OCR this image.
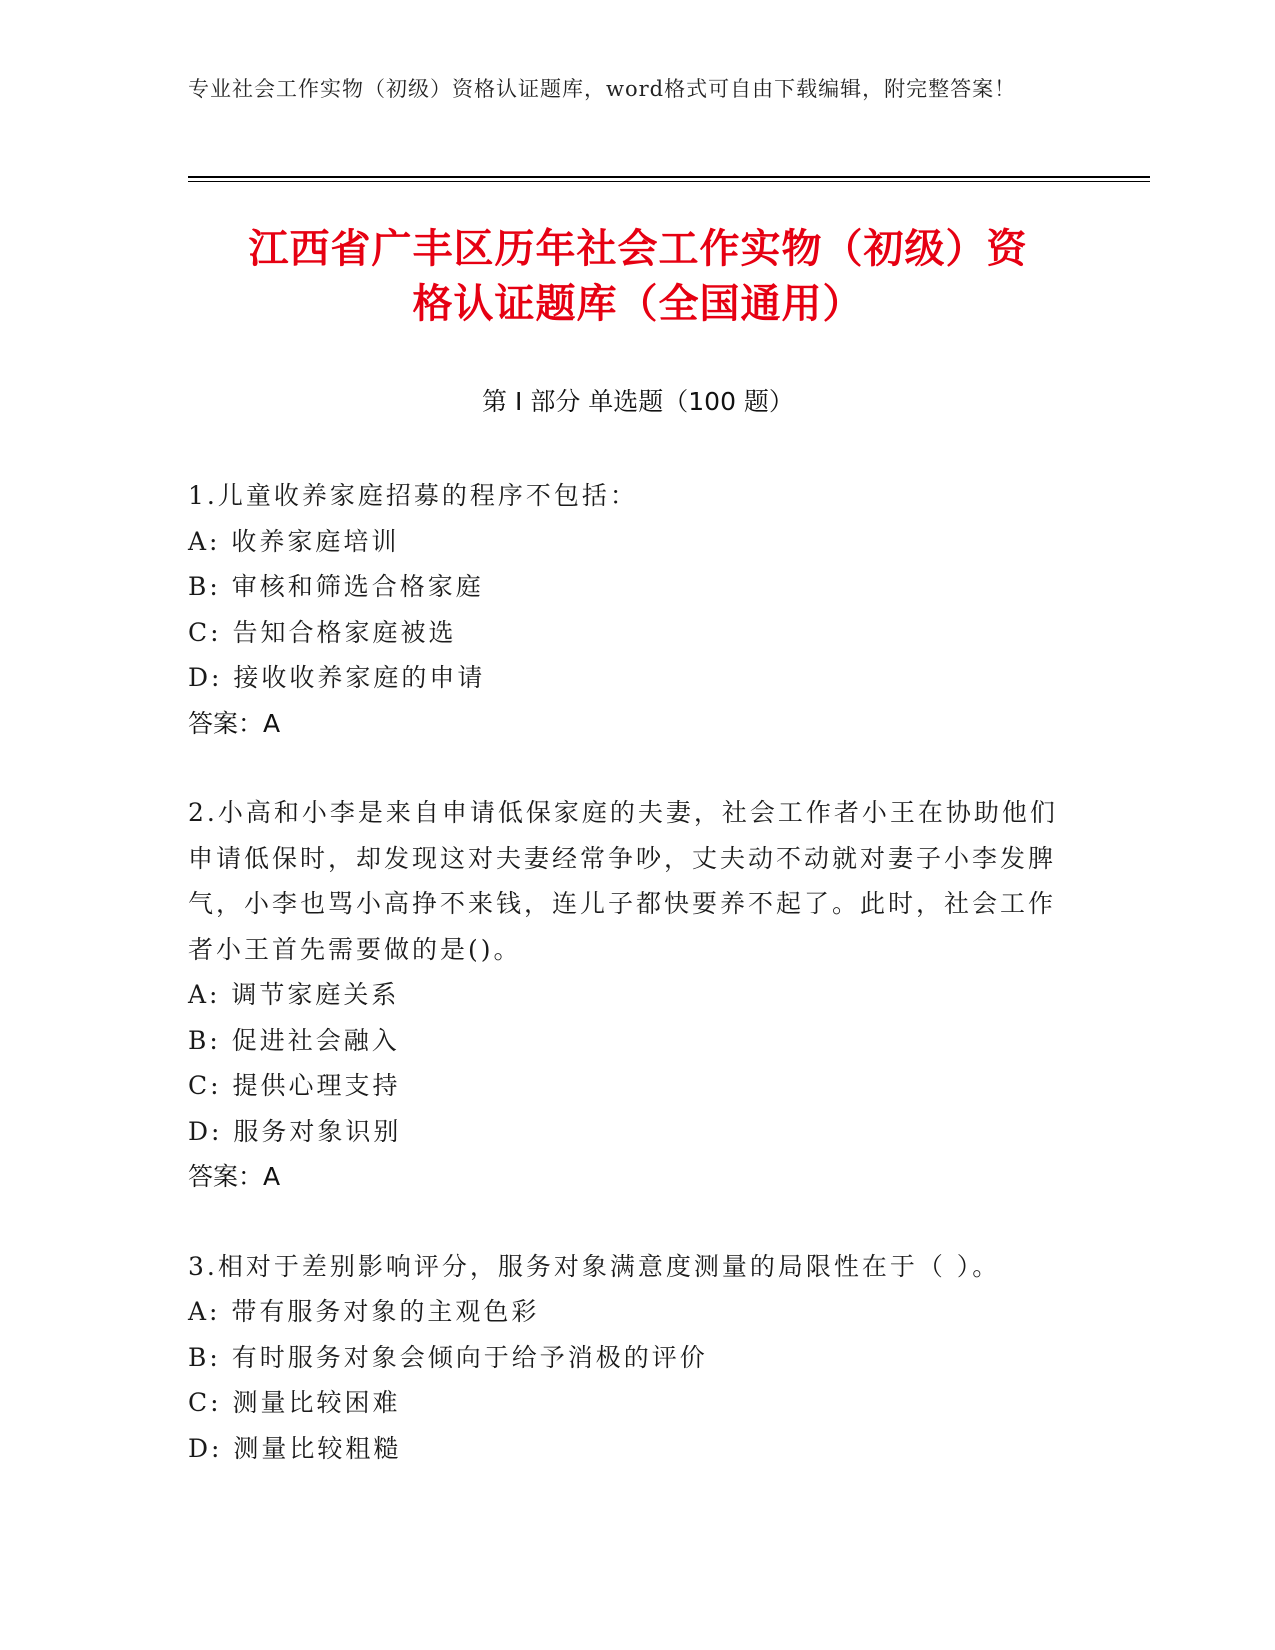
专业社会工作实物（初级）资格认证题库，word格式可自由下载编辑，附完整答案！
江西省广丰区历年社会工作实物（初级）资
格认证题库（全国通用）
第 I 部分 单选题（100 题）

1.儿童收养家庭招募的程序不包括：

A: 收养家庭培训

B: 审核和筛选合格家庭

C: 告知合格家庭被选

D: 接收收养家庭的申请

答案：A

2.小高和小李是来自申请低保家庭的夫妻，社会工作者小王在协助他们申请低保时，却发现这对夫妻经常争吵，丈夫动不动就对妻子小李发脾气，小李也骂小高挣不来钱，连儿子都快要养不起了。此时，社会工作者小王首先需要做的是()。

A: 调节家庭关系

B: 促进社会融入

C: 提供心理支持

D: 服务对象识别

答案：A

3.相对于差别影响评分，服务对象满意度测量的局限性在于（ ）。

A: 带有服务对象的主观色彩

B: 有时服务对象会倾向于给予消极的评价

C: 测量比较困难

D: 测量比较粗糙
